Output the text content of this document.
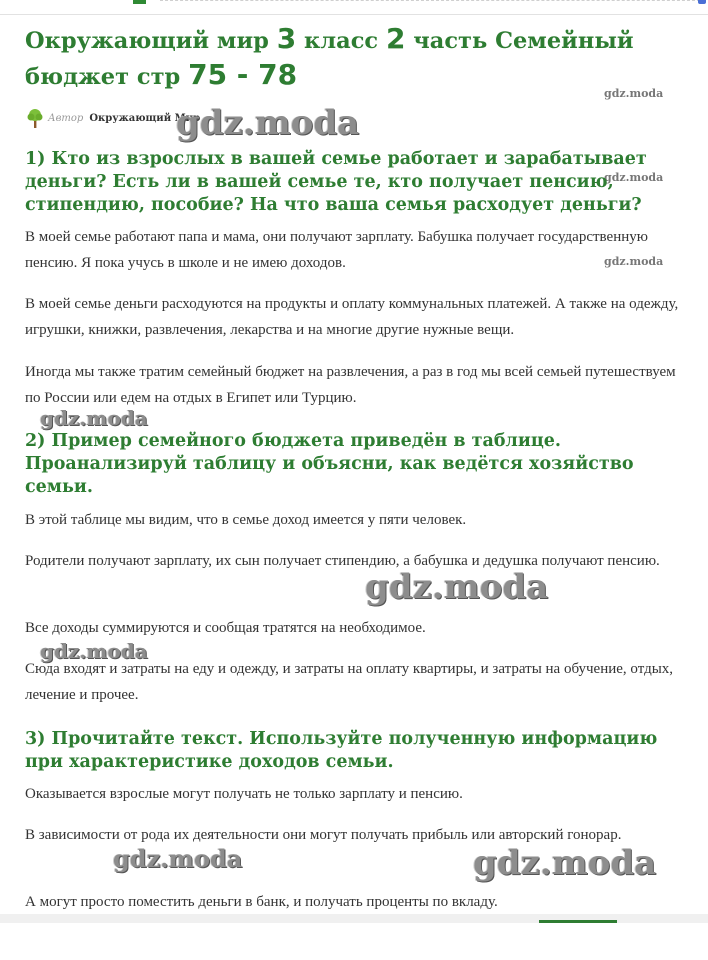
Окружающий мир 3 класс 2 часть Семейный бюджет стр 75 - 78
Автор Окружающий Мир
gdz.moda
gdz.moda
gdz.moda
gdz.moda
gdz.moda
gdz.moda
gdz.moda
gdz.moda	gdz.moda
1) Кто из взрослых в вашей семье работает и зарабатывает деньги? Есть ли в вашей семье те, кто получает пенсию, стипендию, пособие? На что ваша семья расходует деньги?

В моей семье работают папа и мама, они получают зарплату. Бабушка получает государственную пенсию. Я пока учусь в школе и не имею доходов.

В моей семье деньги расходуются на продукты и оплату коммунальных платежей. А также на одежду, игрушки, книжки, развлечения, лекарства и на многие другие нужные вещи.

Иногда мы также тратим семейный бюджет на развлечения, а раз в год мы всей семьей путешествуем по России или едем на отдых в Египет или Турцию.

2) Пример семейного бюджета приведён в таблице. Проанализируй таблицу и объясни, как ведётся хозяйство семьи.

В этой таблице мы видим, что в семье доход имеется у пяти человек.

Родители получают зарплату, их сын получает стипендию, а бабушка и дедушка получают пенсию.

Все доходы суммируются и сообщая тратятся на необходимое.

Сюда входят и затраты на еду и одежду, и затраты на оплату квартиры, и затраты на обучение, отдых, лечение и прочее.

3) Прочитайте текст. Используйте полученную информацию при характеристике доходов семьи.

Оказывается взрослые могут получать не только зарплату и пенсию.

В зависимости от рода их деятельности они могут получать прибыль или авторский гонорар.

А могут просто поместить деньги в банк, и получать проценты по вкладу.
